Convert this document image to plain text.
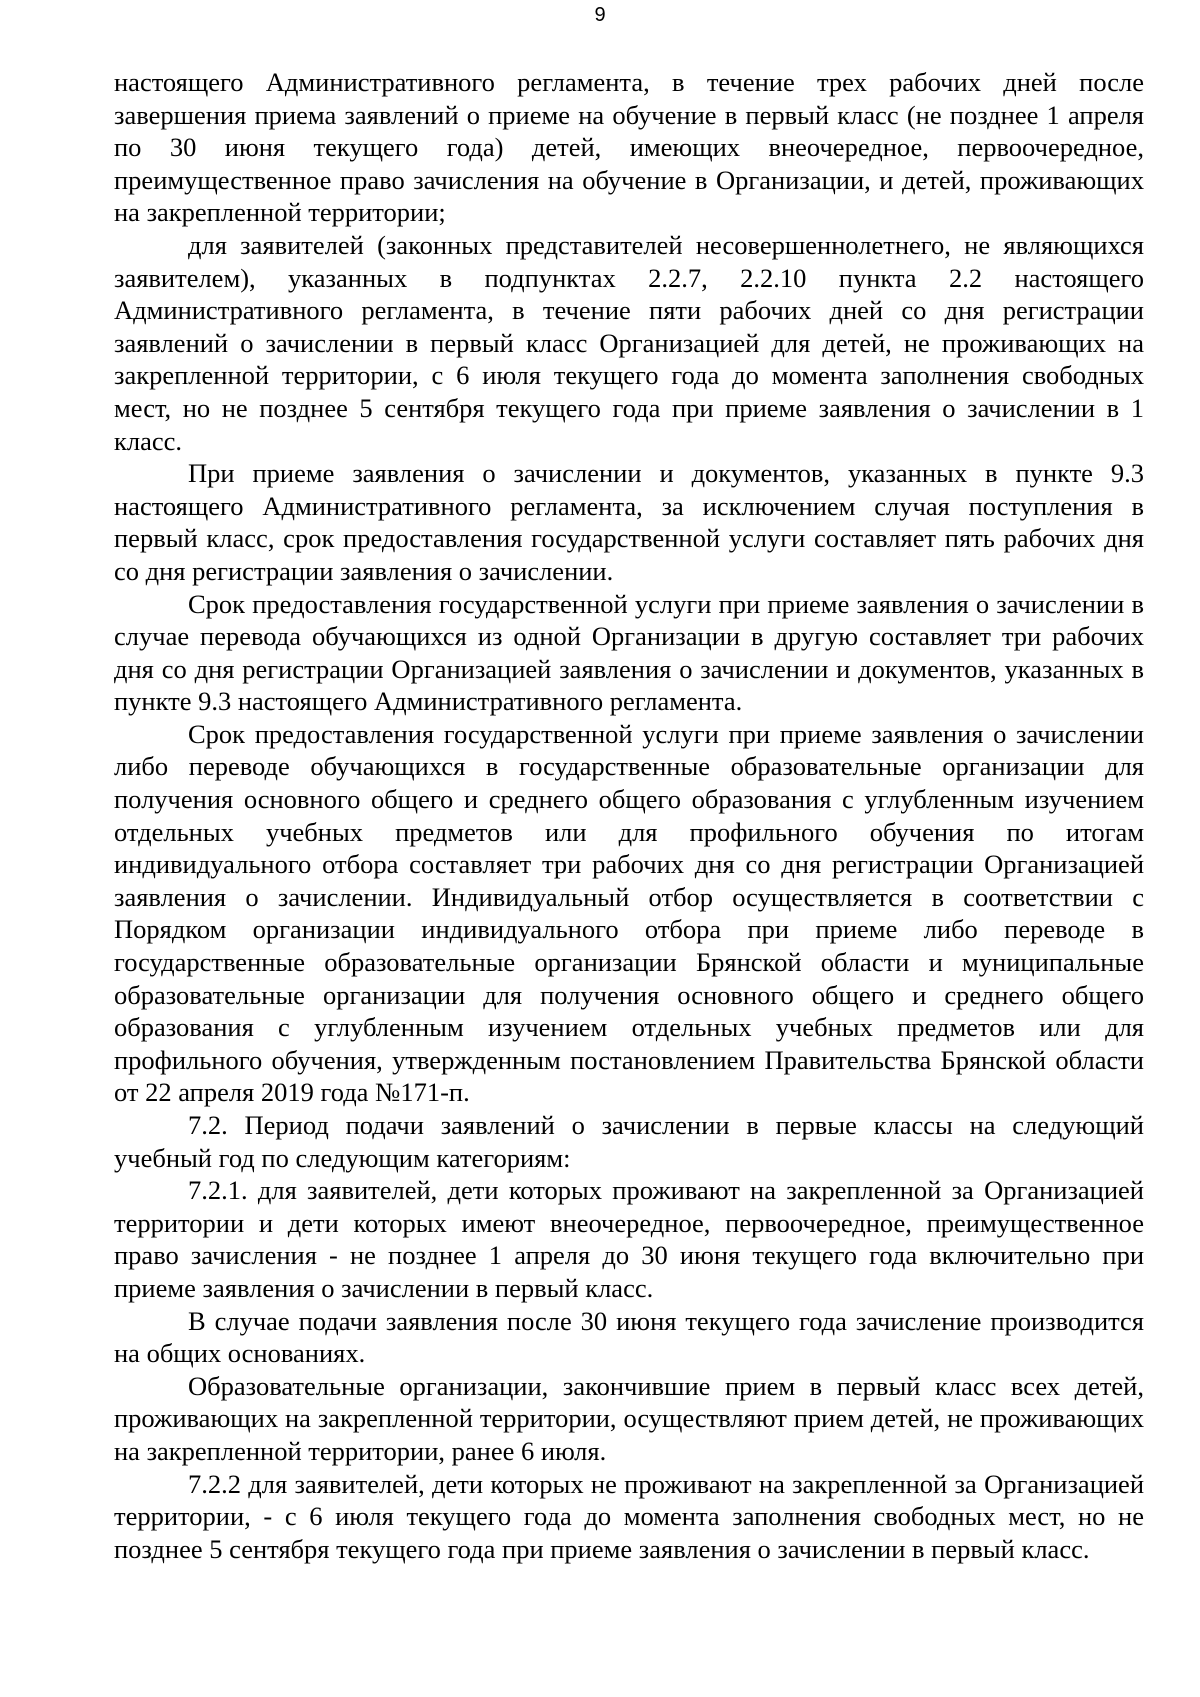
9

настоящего Административного регламента, в течение трех рабочих дней после завершения приема заявлений о приеме на обучение в первый класс (не позднее 1 апреля по 30 июня текущего года) детей, имеющих внеочередное, первоочередное, преимущественное право зачисления на обучение в Организации, и детей, проживающих на закрепленной территории;

для заявителей (законных представителей несовершеннолетнего, не являющихся заявителем), указанных в подпунктах 2.2.7, 2.2.10 пункта 2.2 настоящего Административного регламента, в течение пяти рабочих дней со дня регистрации заявлений о зачислении в первый класс Организацией для детей, не проживающих на закрепленной территории, с 6 июля текущего года до момента заполнения свободных мест, но не позднее 5 сентября текущего года при приеме заявления о зачислении в 1 класс.

При приеме заявления о зачислении и документов, указанных в пункте 9.3 настоящего Административного регламента, за исключением случая поступления в первый класс, срок предоставления государственной услуги составляет пять рабочих дня со дня регистрации заявления о зачислении.

Срок предоставления государственной услуги при приеме заявления о зачислении в случае перевода обучающихся из одной Организации в другую составляет три рабочих дня со дня регистрации Организацией заявления о зачислении и документов, указанных в пункте 9.3 настоящего Административного регламента.

Срок предоставления государственной услуги при приеме заявления о зачислении либо переводе обучающихся в государственные образовательные организации для получения основного общего и среднего общего образования с углубленным изучением отдельных учебных предметов или для профильного обучения по итогам индивидуального отбора составляет три рабочих дня со дня регистрации Организацией заявления о зачислении. Индивидуальный отбор осуществляется в соответствии с Порядком организации индивидуального отбора при приеме либо переводе в государственные образовательные организации Брянской области и муниципальные образовательные организации для получения основного общего и среднего общего образования с углубленным изучением отдельных учебных предметов или для профильного обучения, утвержденным постановлением Правительства Брянской области от 22 апреля 2019 года №171-п.

7.2. Период подачи заявлений о зачислении в первые классы на следующий учебный год по следующим категориям:

7.2.1. для заявителей, дети которых проживают на закрепленной за Организацией территории и дети которых имеют внеочередное, первоочередное, преимущественное право зачисления - не позднее 1 апреля до 30 июня текущего года включительно при приеме заявления о зачислении в первый класс.

В случае подачи заявления после 30 июня текущего года зачисление производится на общих основаниях.

Образовательные организации, закончившие прием в первый класс всех детей, проживающих на закрепленной территории, осуществляют прием детей, не проживающих на закрепленной территории, ранее 6 июля.

7.2.2 для заявителей, дети которых не проживают на закрепленной за Организацией территории, - с 6 июля текущего года до момента заполнения свободных мест, но не позднее 5 сентября текущего года при приеме заявления о зачислении в первый класс.
